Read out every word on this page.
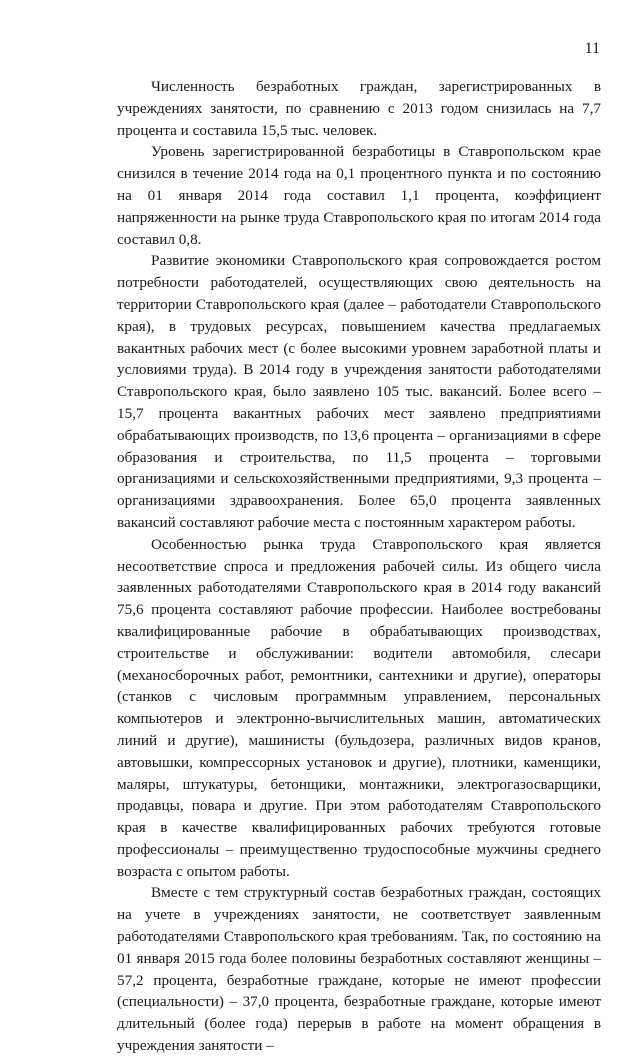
11

Численность безработных граждан, зарегистрированных в учреждениях занятости, по сравнению с 2013 годом снизилась на 7,7 процента и составила 15,5 тыс. человек.

Уровень зарегистрированной безработицы в Ставропольском крае снизился в течение 2014 года на 0,1 процентного пункта и по состоянию на 01 января 2014 года составил 1,1 процента, коэффициент напряженности на рынке труда Ставропольского края по итогам 2014 года составил 0,8.

Развитие экономики Ставропольского края сопровождается ростом потребности работодателей, осуществляющих свою деятельность на территории Ставропольского края (далее – работодатели Ставропольского края), в трудовых ресурсах, повышением качества предлагаемых вакантных рабочих мест (с более высокими уровнем заработной платы и условиями труда). В 2014 году в учреждения занятости работодателями Ставропольского края, было заявлено 105 тыс. вакансий. Более всего – 15,7 процента вакантных рабочих мест заявлено предприятиями обрабатывающих производств, по 13,6 процента – организациями в сфере образования и строительства, по 11,5 процента – торговыми организациями и сельскохозяйственными предприятиями, 9,3 процента – организациями здравоохранения. Более 65,0 процента заявленных вакансий составляют рабочие места с постоянным характером работы.

Особенностью рынка труда Ставропольского края является несоответствие спроса и предложения рабочей силы. Из общего числа заявленных работодателями Ставропольского края в 2014 году вакансий 75,6 процента составляют рабочие профессии. Наиболее востребованы квалифицированные рабочие в обрабатывающих производствах, строительстве и обслуживании: водители автомобиля, слесари (механосборочных работ, ремонтники, сантехники и другие), операторы (станков с числовым программным управлением, персональных компьютеров и электронно-вычислительных машин, автоматических линий и другие), машинисты (бульдозера, различных видов кранов, автовышки, компрессорных установок и другие), плотники, каменщики, маляры, штукатуры, бетонщики, монтажники, электрогазосварщики, продавцы, повара и другие. При этом работодателям Ставропольского края в качестве квалифицированных рабочих требуются готовые профессионалы – преимущественно трудоспособные мужчины среднего возраста с опытом работы.

Вместе с тем структурный состав безработных граждан, состоящих на учете в учреждениях занятости, не соответствует заявленным работодателями Ставропольского края требованиям. Так, по состоянию на 01 января 2015 года более половины безработных составляют женщины – 57,2 процента, безработные граждане, которые не имеют профессии (специальности) – 37,0 процента, безработные граждане, которые имеют длительный (более года) перерыв в работе на момент обращения в учреждения занятости –
